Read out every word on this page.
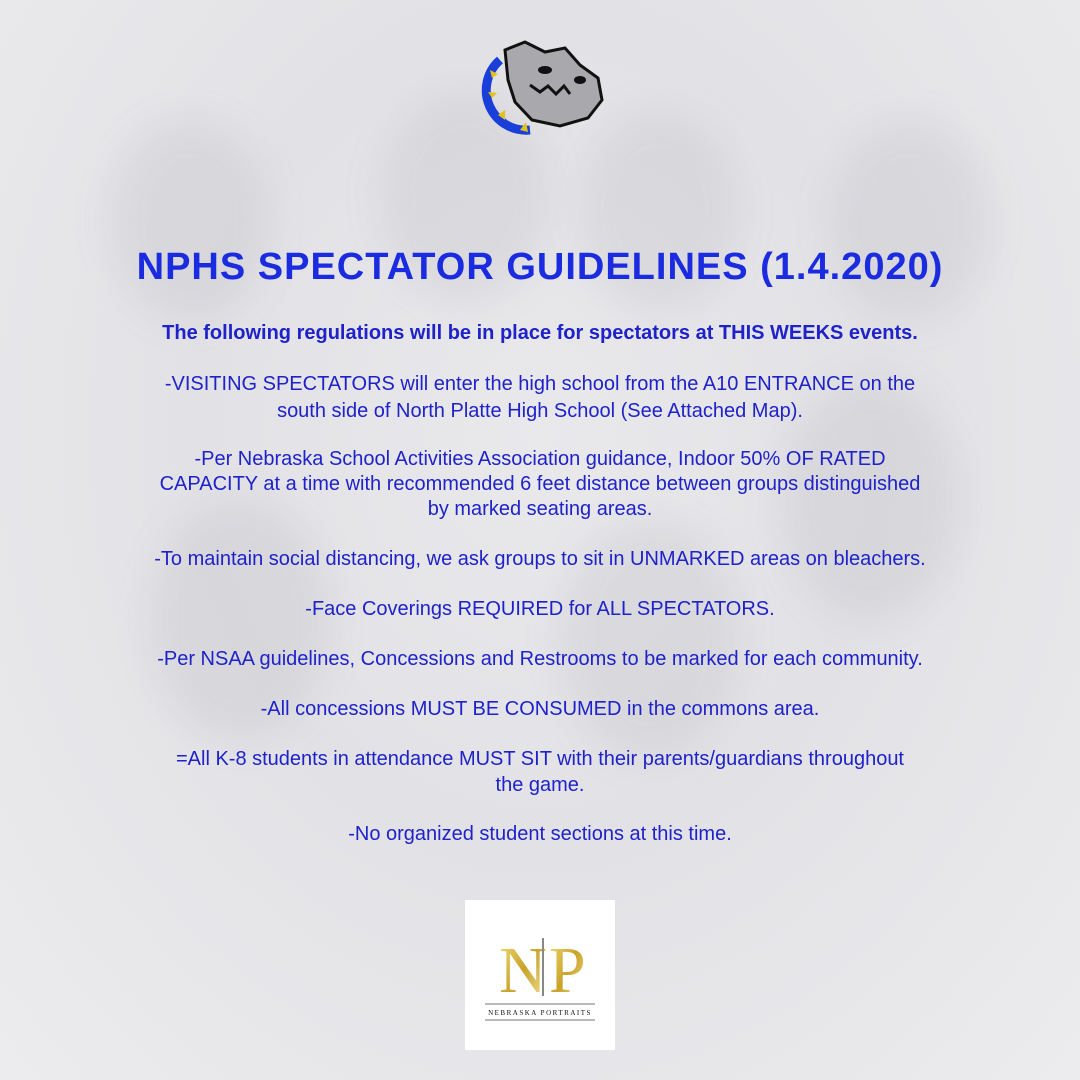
NPHS SPECTATOR GUIDELINES (1.4.2020)
The following regulations will be in place for spectators at THIS WEEKS events.
-VISITING SPECTATORS will enter the high school from the A10 ENTRANCE on the
south side of North Platte High School (See Attached Map).
-Per Nebraska School Activities Association guidance, Indoor 50% OF RATED
CAPACITY at a time with recommended 6 feet distance between groups distinguished
by marked seating areas.
-To maintain social distancing, we ask groups to sit in UNMARKED areas on bleachers.
-Face Coverings REQUIRED for ALL SPECTATORS.
-Per NSAA guidelines, Concessions and Restrooms to be marked for each community.
-All concessions MUST BE CONSUMED in the commons area.
=All K-8 students in attendance MUST SIT with their parents/guardians throughout
the game.
-No organized student sections at this time.
N P
NEBRASKA PORTRAITS
